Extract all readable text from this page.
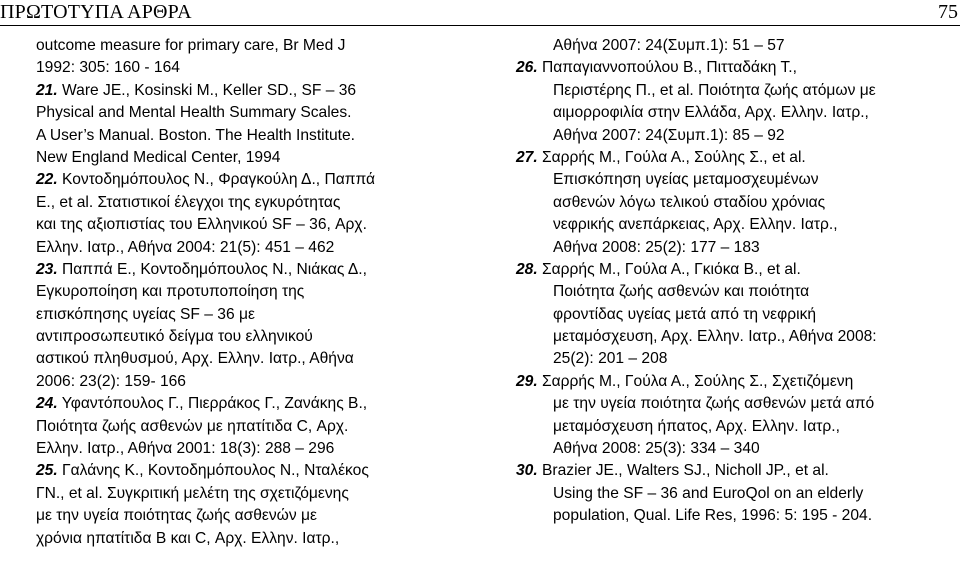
ΠΡΩΤΟΤΥΠΑ ΑΡΘΡΑ	75
outcome measure for primary care, Br Med J
1992: 305: 160 - 164
21. Ware JE., Kosinski M., Keller SD., SF – 36
Physical and Mental Health Summary Scales.
A User’s Manual. Boston. The Health Institute.
New England Medical Center, 1994
22. Κοντοδημόπουλος Ν., Φραγκούλη Δ., Παππά
Ε., et al. Στατιστικοί έλεγχοι της εγκυρότητας
και της αξιοπιστίας του Ελληνικού SF – 36, Αρχ.
Ελλην. Ιατρ., Αθήνα 2004: 21(5): 451 – 462
23. Παππά Ε., Κοντοδημόπουλος Ν., Νιάκας Δ.,
Εγκυροποίηση και προτυποποίηση της
επισκόπησης υγείας SF – 36 με
αντιπροσωπευτικό δείγμα του ελληνικού
αστικού πληθυσμού, Αρχ. Ελλην. Ιατρ., Αθήνα
2006: 23(2): 159- 166
24. Υφαντόπουλος Γ., Πιερράκος Γ., Ζανάκης Β.,
Ποιότητα ζωής ασθενών με ηπατίτιδα C, Αρχ.
Ελλην. Ιατρ., Αθήνα 2001: 18(3): 288 – 296
25. Γαλάνης Κ., Κοντοδημόπουλος Ν., Νταλέκος
ΓΝ., et al. Συγκριτική μελέτη της σχετιζόμενης
με την υγεία ποιότητας ζωής ασθενών με
χρόνια ηπατίτιδα Β και C, Αρχ. Ελλην. Ιατρ.,
Αθήνα 2007: 24(Συμπ.1): 51 – 57
26. Παπαγιαννοπούλου Β., Πιτταδάκη Τ.,
Περιστέρης Π., et al. Ποιότητα ζωής ατόμων με
αιμορροφιλία στην Ελλάδα, Αρχ. Ελλην. Ιατρ.,
Αθήνα 2007: 24(Συμπ.1): 85 – 92
27. Σαρρής Μ., Γούλα Α., Σούλης Σ., et al.
Επισκόπηση υγείας μεταμοσχευμένων
ασθενών λόγω τελικού σταδίου χρόνιας
νεφρικής ανεπάρκειας, Αρχ. Ελλην. Ιατρ.,
Αθήνα 2008: 25(2): 177 – 183
28. Σαρρής Μ., Γούλα Α., Γκιόκα Β., et al.
Ποιότητα ζωής ασθενών και ποιότητα
φροντίδας υγείας μετά από τη νεφρική
μεταμόσχευση, Αρχ. Ελλην. Ιατρ., Αθήνα 2008:
25(2): 201 – 208
29. Σαρρής Μ., Γούλα Α., Σούλης Σ., Σχετιζόμενη
με την υγεία ποιότητα ζωής ασθενών μετά από
μεταμόσχευση ήπατος, Αρχ. Ελλην. Ιατρ.,
Αθήνα 2008: 25(3): 334 – 340
30. Brazier JE., Walters SJ., Nicholl JP., et al.
Using the SF – 36 and EuroQol on an elderly
population, Qual. Life Res, 1996: 5: 195 - 204.
